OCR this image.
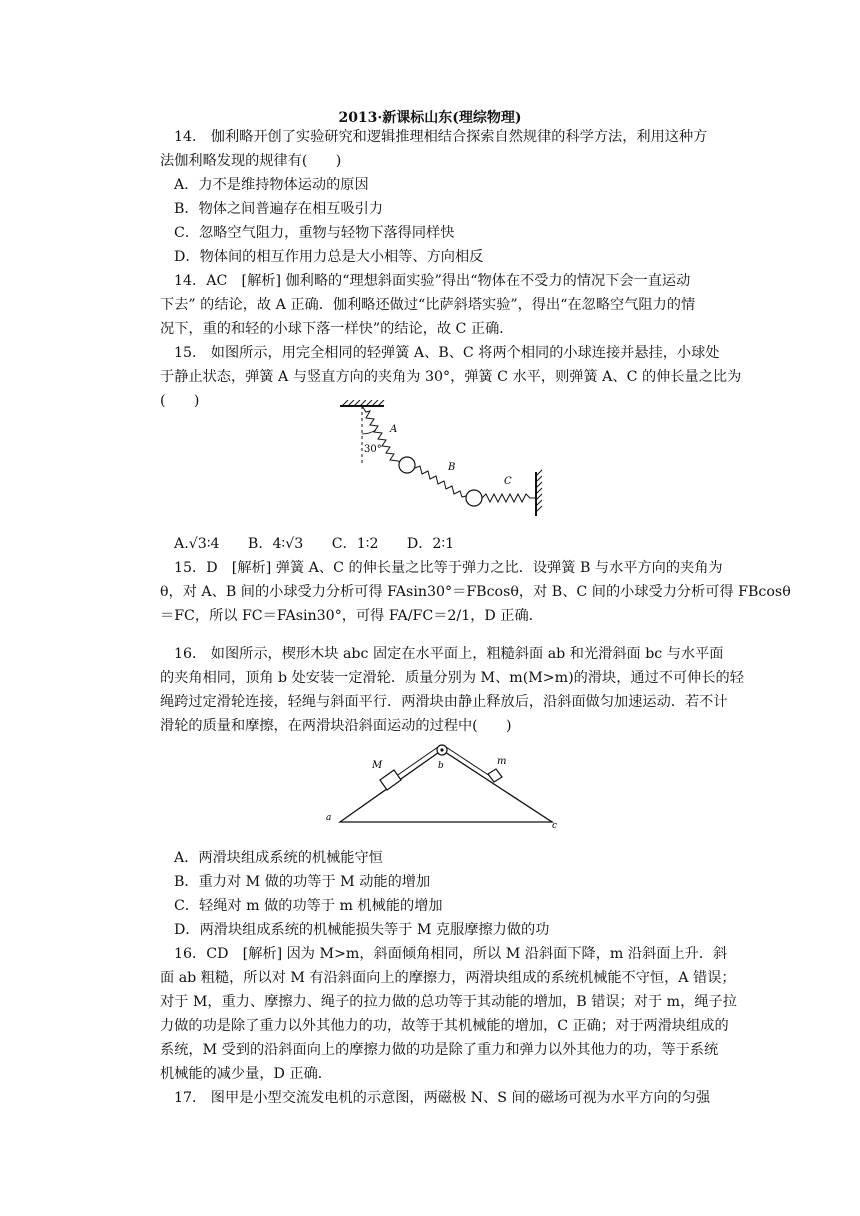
2013·新课标山东(理综物理)
14． 伽利略开创了实验研究和逻辑推理相结合探索自然规律的科学方法，利用这种方
法伽利略发现的规律有(　　)
A．力不是维持物体运动的原因
B．物体之间普遍存在相互吸引力
C．忽略空气阻力，重物与轻物下落得同样快
D．物体间的相互作用力总是大小相等、方向相反
14．AC　[解析] 伽利略的“理想斜面实验”得出“物体在不受力的情况下会一直运动
下去” 的结论，故 A 正确．伽利略还做过“比萨斜塔实验”，得出“在忽略空气阻力的情
况下，重的和轻的小球下落一样快”的结论，故 C 正确．
15． 如图所示，用完全相同的轻弹簧 A、B、C 将两个相同的小球连接并悬挂，小球处
于静止状态，弹簧 A 与竖直方向的夹角为 30°，弹簧 C 水平，则弹簧 A、C 的伸长量之比为
(　　)
30°
A
B
C
A.√3∶4　　B．4∶√3　　C．1∶2　　D．2∶1
15．D　[解析] 弹簧 A、C 的伸长量之比等于弹力之比．设弹簧 B 与水平方向的夹角为
θ，对 A、B 间的小球受力分析可得 FAsin30°＝FBcosθ，对 B、C 间的小球受力分析可得 FBcosθ
＝FC，所以 FC＝FAsin30°，可得 FA/FC＝2/1，D 正确．
16． 如图所示，楔形木块 abc 固定在水平面上，粗糙斜面 ab 和光滑斜面 bc 与水平面
的夹角相同，顶角 b 处安装一定滑轮．质量分别为 M、m(M>m)的滑块，通过不可伸长的轻
绳跨过定滑轮连接，轻绳与斜面平行．两滑块由静止释放后，沿斜面做匀加速运动．若不计
滑轮的质量和摩擦，在两滑块沿斜面运动的过程中(　　)
M	m
a
b
c
A．两滑块组成系统的机械能守恒
B．重力对 M 做的功等于 M 动能的增加
C．轻绳对 m 做的功等于 m 机械能的增加
D．两滑块组成系统的机械能损失等于 M 克服摩擦力做的功
16．CD　[解析] 因为 M>m，斜面倾角相同，所以 M 沿斜面下降，m 沿斜面上升．斜
面 ab 粗糙，所以对 M 有沿斜面向上的摩擦力，两滑块组成的系统机械能不守恒，A 错误；
对于 M，重力、摩擦力、绳子的拉力做的总功等于其动能的增加，B 错误；对于 m，绳子拉
力做的功是除了重力以外其他力的功，故等于其机械能的增加，C 正确；对于两滑块组成的
系统，M 受到的沿斜面向上的摩擦力做的功是除了重力和弹力以外其他力的功，等于系统
机械能的减少量，D 正确．
17． 图甲是小型交流发电机的示意图，两磁极 N、S 间的磁场可视为水平方向的匀强
